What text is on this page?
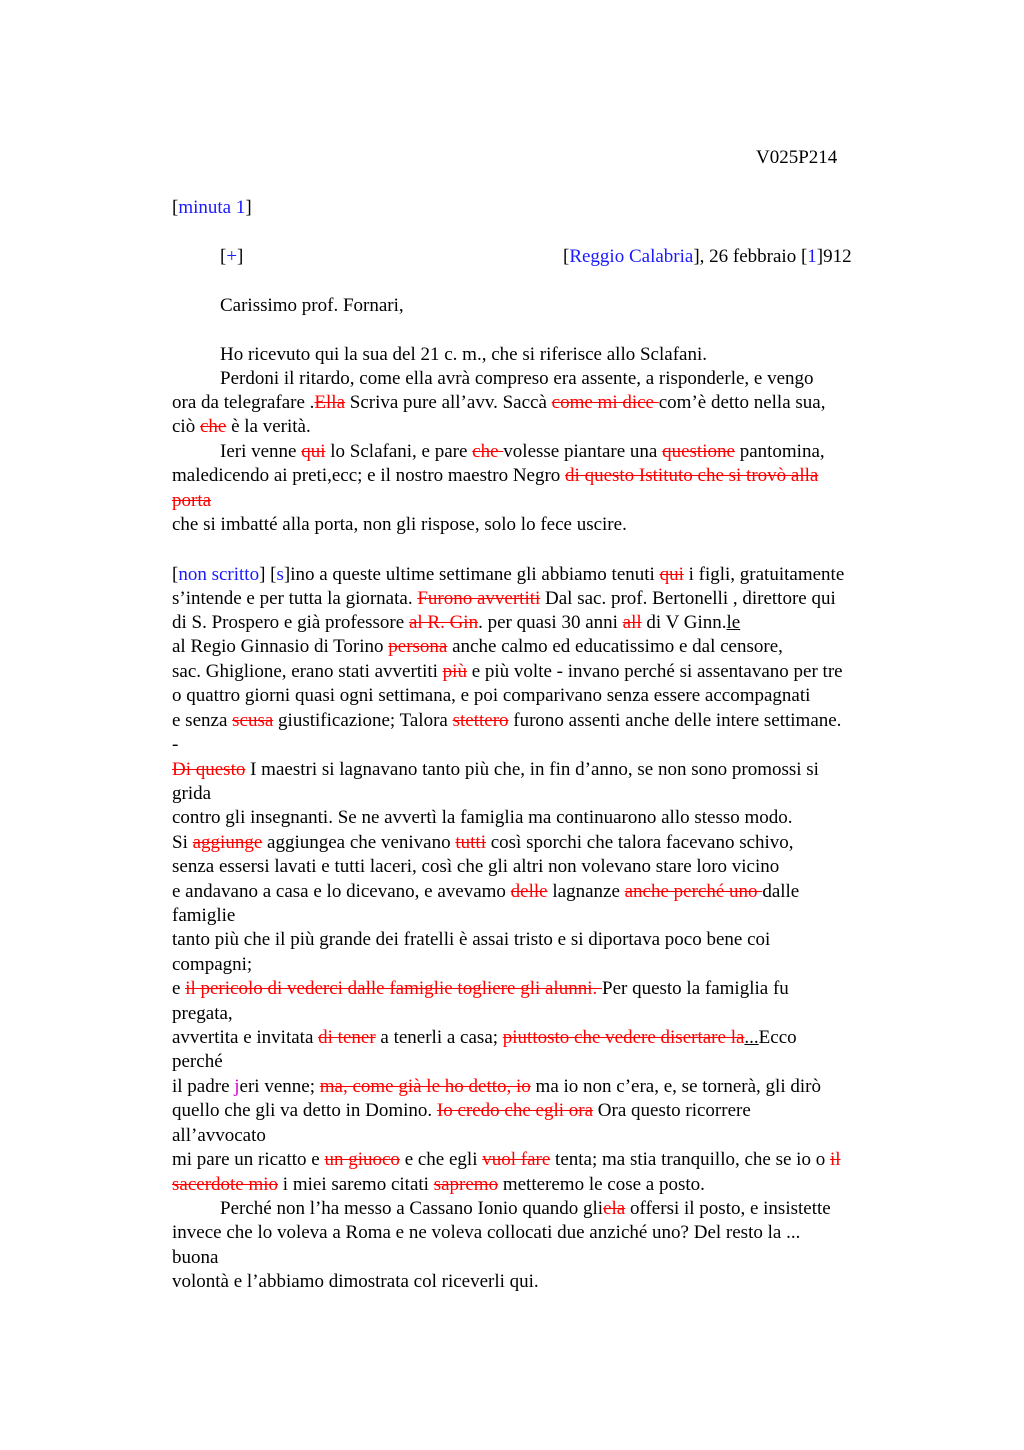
V025P214
[minuta 1]
[+]	[Reggio Calabria], 26 febbraio [1]912
Carissimo prof. Fornari,
Ho ricevuto qui la sua del 21 c. m., che si riferisce allo Sclafani.
Perdoni il ritardo, come ella avrà compreso era assente, a risponderle, e vengo
ora da telegrafare .Ella Scriva pure all’avv. Saccà come mi dice com’è detto nella sua,
ciò che è la verità.
Ieri venne qui lo Sclafani, e pare che volesse piantare una questione pantomina,
maledicendo ai preti,ecc; e il nostro maestro Negro di questo Istituto che si trovò alla
porta
che si imbatté alla porta, non gli rispose, solo lo fece uscire.
[non scritto] [s]ino a queste ultime settimane gli abbiamo tenuti qui i figli, gratuitamente
s’intende e per tutta la giornata. Furono avvertiti Dal sac. prof. Bertonelli , direttore qui
di S. Prospero e già professore al R. Gin. per quasi 30 anni all di V Ginn.le
al Regio Ginnasio di Torino persona anche calmo ed educatissimo e dal censore,
sac. Ghiglione, erano stati avvertiti più e più volte - invano perché si assentavano per tre
o quattro giorni quasi ogni settimana, e poi comparivano senza essere accompagnati
e senza scusa giustificazione; Talora stettero furono assenti anche delle intere settimane.
-
Di questo I maestri si lagnavano tanto più che, in fin d’anno, se non sono promossi si
grida
contro gli insegnanti. Se ne avvertì la famiglia ma continuarono allo stesso modo.
Si aggiunge aggiungea che venivano tutti così sporchi che talora facevano schivo,
senza essersi lavati e tutti laceri, così che gli altri non volevano stare loro vicino
e andavano a casa e lo dicevano, e avevamo delle lagnanze anche perché uno dalle
famiglie
tanto più che il più grande dei fratelli è assai tristo e si diportava poco bene coi
compagni;
e il pericolo di vederci dalle famiglie togliere gli alunni. Per questo la famiglia fu
pregata,
avvertita e invitata di tener a tenerli a casa; piuttosto che vedere disertare la...Ecco
perché
il padre jeri venne; ma, come già le ho detto, io ma io non c’era, e, se tornerà, gli dirò
quello che gli va detto in Domino. Io credo che egli ora Ora questo ricorrere
all’avvocato
mi pare un ricatto e un giuoco e che egli vuol fare tenta; ma stia tranquillo, che se io o il
sacerdote mio i miei saremo citati sapremo metteremo le cose a posto.
Perché non l’ha messo a Cassano Ionio quando gliela offersi il posto, e insistette
invece che lo voleva a Roma e ne voleva collocati due anziché uno? Del resto la ...
buona
volontà e l’abbiamo dimostrata col riceverli qui.
